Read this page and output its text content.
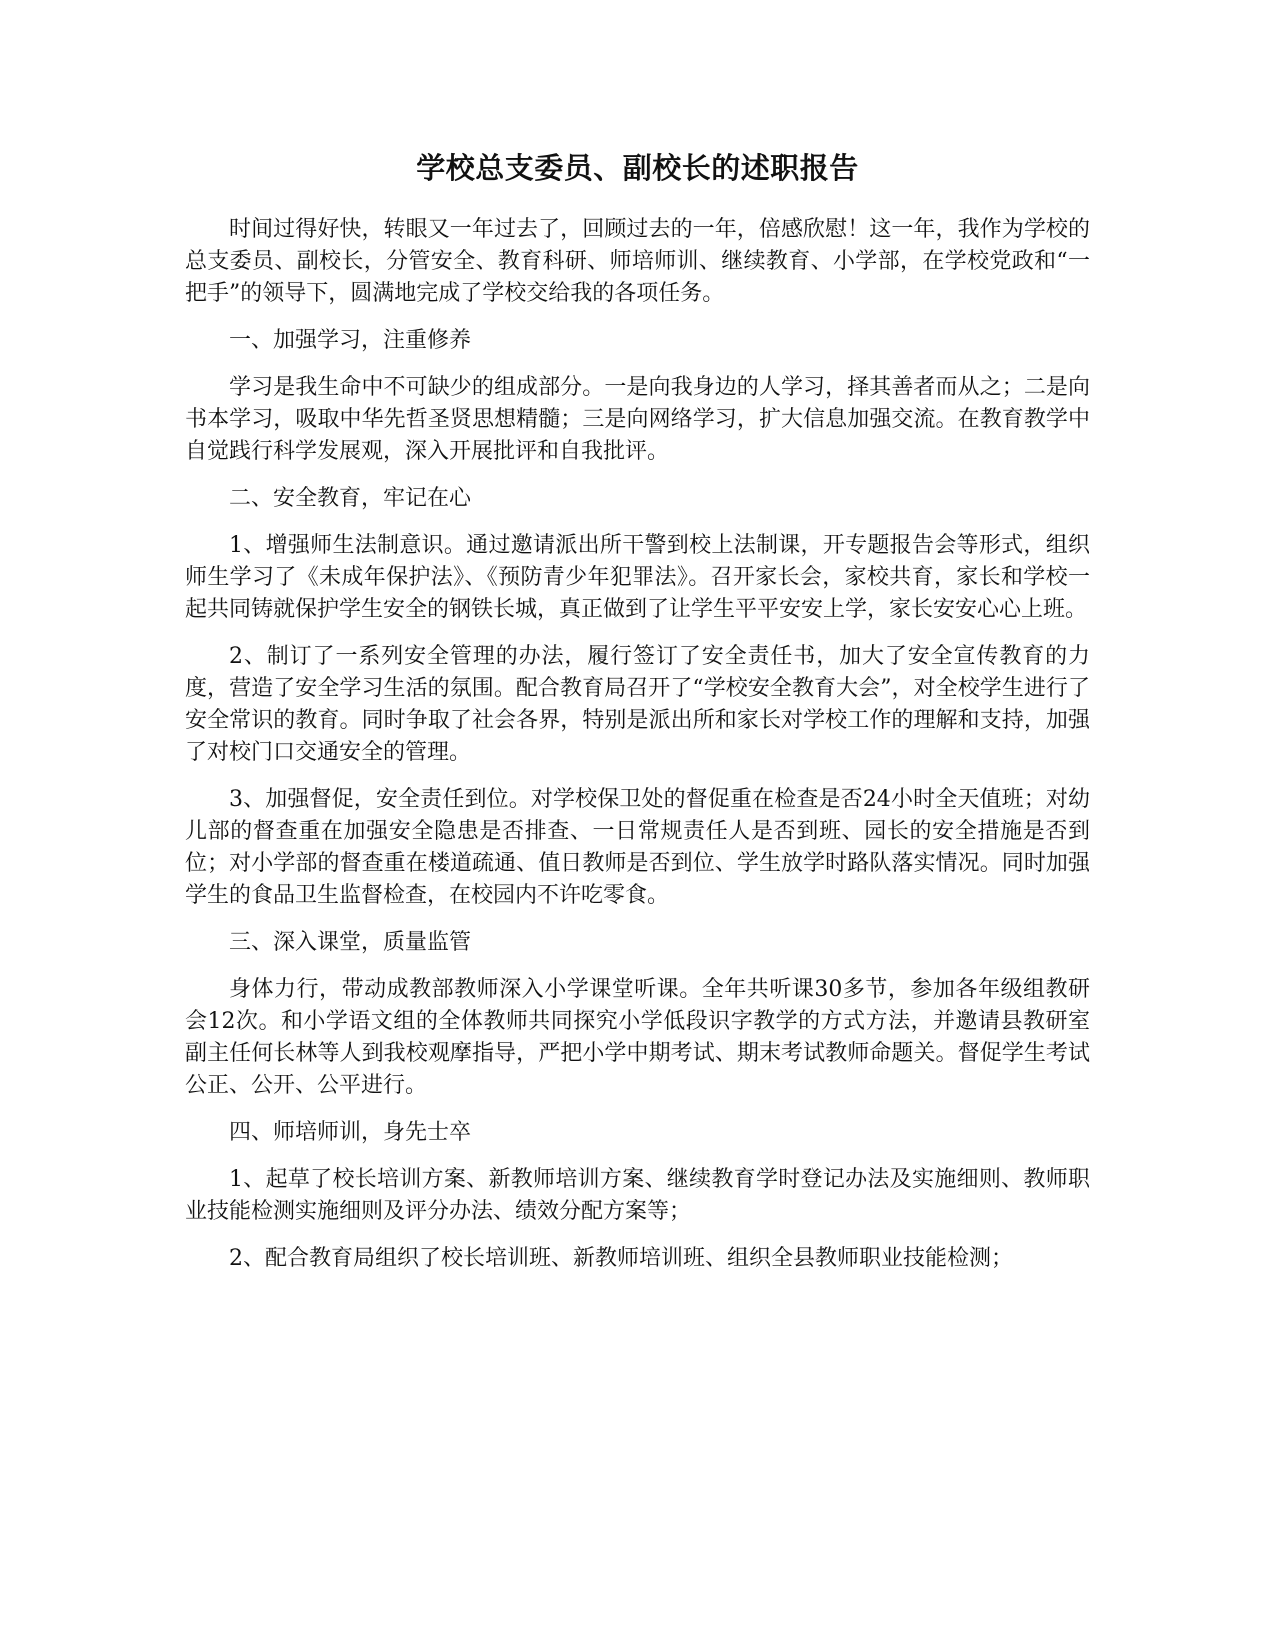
学校总支委员、副校长的述职报告

时间过得好快，转眼又一年过去了，回顾过去的一年，倍感欣慰！这一年，我作为学校的总支委员、副校长，分管安全、教育科研、师培师训、继续教育、小学部，在学校党政和“一把手”的领导下，圆满地完成了学校交给我的各项任务。

一、加强学习，注重修养

学习是我生命中不可缺少的组成部分。一是向我身边的人学习，择其善者而从之；二是向书本学习，吸取中华先哲圣贤思想精髓；三是向网络学习，扩大信息加强交流。在教育教学中自觉践行科学发展观，深入开展批评和自我批评。

二、安全教育，牢记在心

1、增强师生法制意识。通过邀请派出所干警到校上法制课，开专题报告会等形式，组织师生学习了《未成年保护法》、《预防青少年犯罪法》。召开家长会，家校共育，家长和学校一起共同铸就保护学生安全的钢铁长城，真正做到了让学生平平安安上学，家长安安心心上班。

2、制订了一系列安全管理的办法，履行签订了安全责任书，加大了安全宣传教育的力度，营造了安全学习生活的氛围。配合教育局召开了“学校安全教育大会”，对全校学生进行了安全常识的教育。同时争取了社会各界，特别是派出所和家长对学校工作的理解和支持，加强了对校门口交通安全的管理。

3、加强督促，安全责任到位。对学校保卫处的督促重在检查是否24小时全天值班；对幼儿部的督查重在加强安全隐患是否排查、一日常规责任人是否到班、园长的安全措施是否到位；对小学部的督查重在楼道疏通、值日教师是否到位、学生放学时路队落实情况。同时加强学生的食品卫生监督检查，在校园内不许吃零食。

三、深入课堂，质量监管

身体力行，带动成教部教师深入小学课堂听课。全年共听课30多节，参加各年级组教研会12次。和小学语文组的全体教师共同探究小学低段识字教学的方式方法，并邀请县教研室副主任何长林等人到我校观摩指导，严把小学中期考试、期末考试教师命题关。督促学生考试公正、公开、公平进行。

四、师培师训，身先士卒

1、起草了校长培训方案、新教师培训方案、继续教育学时登记办法及实施细则、教师职业技能检测实施细则及评分办法、绩效分配方案等；

2、配合教育局组织了校长培训班、新教师培训班、组织全县教师职业技能检测；
